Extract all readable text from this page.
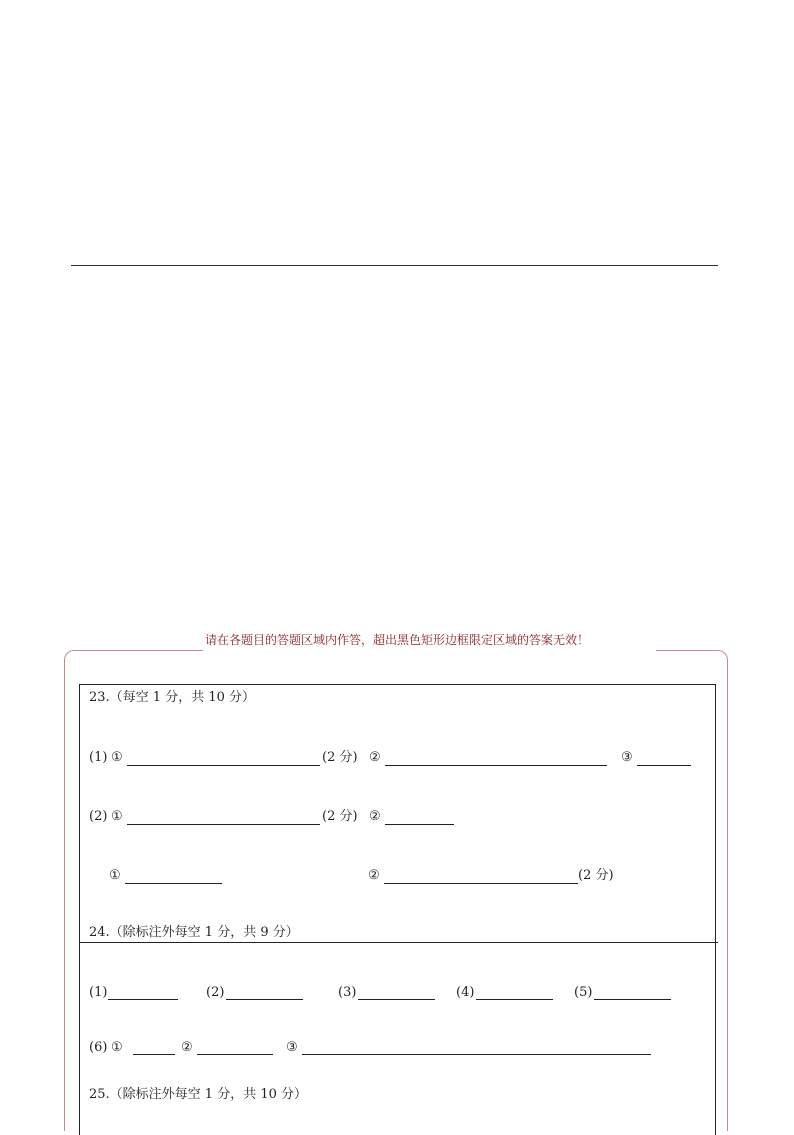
请在各题目的答题区域内作答，超出黑色矩形边框限定区域的答案无效！
23.（每空 1 分，共 10 分）
(1) ①	(2 分) ②	③
(2) ①	(2 分) ②
①	②	(2 分)
24.（除标注外每空 1 分，共 9 分）
(1)	(2)	(3)	(4)	(5)
(6) ①	②	③
25.（除标注外每空 1 分，共 10 分）
